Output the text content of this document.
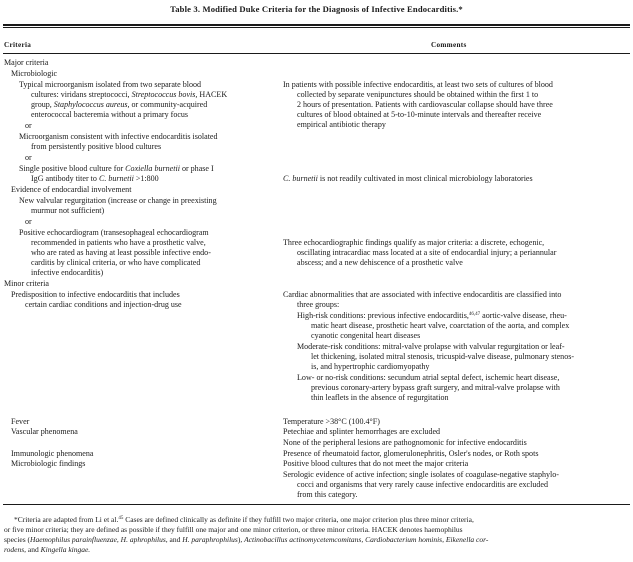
Table 3. Modified Duke Criteria for the Diagnosis of Infective Endocarditis.*
Criteria	Comments
Major criteria
Microbiologic
Typical microorganism isolated from two separate blood
cultures: viridans streptococci, Streptococcus bovis, HACEK
group, Staphylococcus aureus, or community-acquired
enterococcal bacteremia without a primary focus
or
Microorganism consistent with infective endocarditis isolated
from persistently positive blood cultures
or
Single positive blood culture for Coxiella burnetii or phase I
IgG antibody titer to C. burnetii >1:800
Evidence of endocardial involvement
New valvular regurgitation (increase or change in preexisting
murmur not sufficient)
or
Positive echocardiogram (transesophageal echocardiogram
recommended in patients who have a prosthetic valve,
who are rated as having at least possible infective endo-
carditis by clinical criteria, or who have complicated
infective endocarditis)
Minor criteria
Predisposition to infective endocarditis that includes
certain cardiac conditions and injection-drug use
Fever
Vascular phenomena
Immunologic phenomena
Microbiologic findings
In patients with possible infective endocarditis, at least two sets of cultures of blood
collected by separate venipunctures should be obtained within the first 1 to
2 hours of presentation. Patients with cardiovascular collapse should have three
cultures of blood obtained at 5-to-10-minute intervals and thereafter receive
empirical antibiotic therapy
C. burnetii is not readily cultivated in most clinical microbiology laboratories
Three echocardiographic findings qualify as major criteria: a discrete, echogenic,
oscillating intracardiac mass located at a site of endocardial injury; a periannular
abscess; and a new dehiscence of a prosthetic valve
Cardiac abnormalities that are associated with infective endocarditis are classified into
three groups:
High-risk conditions: previous infective endocarditis,$^{46,47}$ aortic-valve disease, rheu-
matic heart disease, prosthetic heart valve, coarctation of the aorta, and complex
cyanotic congenital heart diseases
Moderate-risk conditions: mitral-valve prolapse with valvular regurgitation or leaf-
let thickening, isolated mitral stenosis, tricuspid-valve disease, pulmonary stenos-
is, and hypertrophic cardiomyopathy
Low- or no-risk conditions: secundum atrial septal defect, ischemic heart disease,
previous coronary-artery bypass graft surgery, and mitral-valve prolapse with
thin leaflets in the absence of regurgitation
Temperature >38°C (100.4°F)
Petechiae and splinter hemorrhages are excluded
None of the peripheral lesions are pathognomonic for infective endocarditis
Presence of rheumatoid factor, glomerulonephritis, Osler's nodes, or Roth spots
Positive blood cultures that do not meet the major criteria
Serologic evidence of active infection; single isolates of coagulase-negative staphylo-
cocci and organisms that very rarely cause infective endocarditis are excluded
from this category.
*Criteria are adapted from Li et al.$^{45}$ Cases are defined clinically as definite if they fulfill two major criteria, one major criterion plus three minor criteria,
or five minor criteria; they are defined as possible if they fulfill one major and one minor criterion, or three minor criteria. HACEK denotes haemophilus
species (Haemophilus parainfluenzae, H. aphrophilus, and H. paraphrophilus), Actinobacillus actinomycetemcomitans, Cardiobacterium hominis, Eikenella cor-
rodens, and Kingella kingae.
